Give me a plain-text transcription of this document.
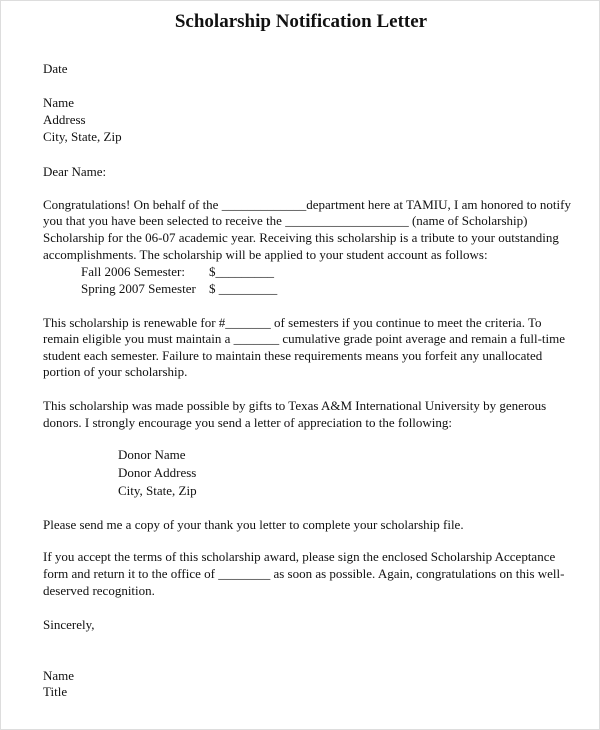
Scholarship Notification Letter
Date
Name
Address
City, State, Zip
Dear Name:
Congratulations! On behalf of the _____________department here at TAMIU, I am honored to notify
you that you have been selected to receive the ___________________ (name of Scholarship)
Scholarship for the 06-07 academic year. Receiving this scholarship is a tribute to your outstanding
accomplishments. The scholarship will be applied to your student account as follows:
Fall 2006 Semester: $_________
Spring 2007 Semester $ _________
This scholarship is renewable for #_______ of semesters if you continue to meet the criteria. To
remain eligible you must maintain a _______ cumulative grade point average and remain a full-time
student each semester. Failure to maintain these requirements means you forfeit any unallocated
portion of your scholarship.
This scholarship was made possible by gifts to Texas A&M International University by generous
donors. I strongly encourage you send a letter of appreciation to the following:
Donor Name
Donor Address
City, State, Zip
Please send me a copy of your thank you letter to complete your scholarship file.
If you accept the terms of this scholarship award, please sign the enclosed Scholarship Acceptance
form and return it to the office of ________ as soon as possible. Again, congratulations on this well-
deserved recognition.
Sincerely,
Name
Title
